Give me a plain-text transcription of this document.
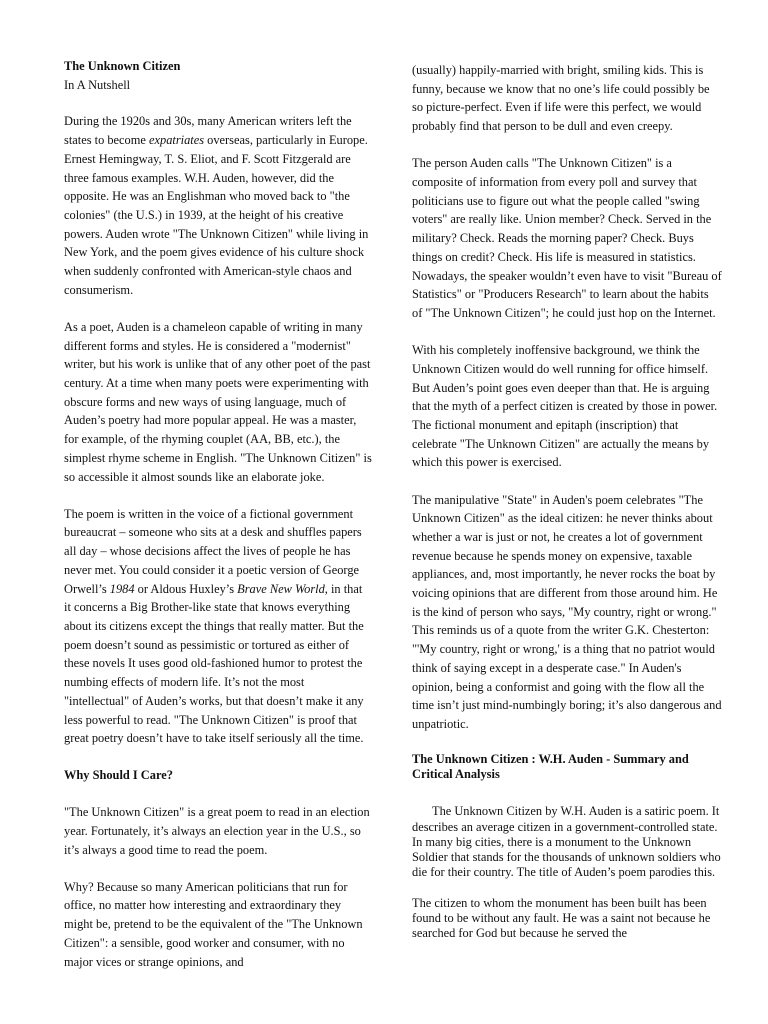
The Unknown Citizen
In A Nutshell

During the 1920s and 30s, many American writers left the states to become expatriates overseas, particularly in Europe. Ernest Hemingway, T. S. Eliot, and F. Scott Fitzgerald are three famous examples. W.H. Auden, however, did the opposite. He was an Englishman who moved back to "the colonies" (the U.S.) in 1939, at the height of his creative powers. Auden wrote "The Unknown Citizen" while living in New York, and the poem gives evidence of his culture shock when suddenly confronted with American-style chaos and consumerism.

As a poet, Auden is a chameleon capable of writing in many different forms and styles. He is considered a "modernist" writer, but his work is unlike that of any other poet of the past century. At a time when many poets were experimenting with obscure forms and new ways of using language, much of Auden’s poetry had more popular appeal. He was a master, for example, of the rhyming couplet (AA, BB, etc.), the simplest rhyme scheme in English. "The Unknown Citizen" is so accessible it almost sounds like an elaborate joke.

The poem is written in the voice of a fictional government bureaucrat – someone who sits at a desk and shuffles papers all day – whose decisions affect the lives of people he has never met. You could consider it a poetic version of George Orwell’s 1984 or Aldous Huxley’s Brave New World, in that it concerns a Big Brother-like state that knows everything about its citizens except the things that really matter. But the poem doesn’t sound as pessimistic or tortured as either of these novels It uses good old-fashioned humor to protest the numbing effects of modern life. It’s not the most "intellectual" of Auden’s works, but that doesn’t make it any less powerful to read. "The Unknown Citizen" is proof that great poetry doesn’t have to take itself seriously all the time.

Why Should I Care?

"The Unknown Citizen" is a great poem to read in an election year. Fortunately, it’s always an election year in the U.S., so it’s always a good time to read the poem.

Why? Because so many American politicians that run for office, no matter how interesting and extraordinary they might be, pretend to be the equivalent of the "The Unknown Citizen": a sensible, good worker and consumer, with no major vices or strange opinions, and

(usually) happily-married with bright, smiling kids. This is funny, because we know that no one’s life could possibly be so picture-perfect. Even if life were this perfect, we would probably find that person to be dull and even creepy.

The person Auden calls "The Unknown Citizen" is a composite of information from every poll and survey that politicians use to figure out what the people called "swing voters" are really like. Union member? Check. Served in the military? Check. Reads the morning paper? Check. Buys things on credit? Check. His life is measured in statistics. Nowadays, the speaker wouldn’t even have to visit "Bureau of Statistics" or "Producers Research" to learn about the habits of "The Unknown Citizen"; he could just hop on the Internet.

With his completely inoffensive background, we think the Unknown Citizen would do well running for office himself. But Auden’s point goes even deeper than that. He is arguing that the myth of a perfect citizen is created by those in power. The fictional monument and epitaph (inscription) that celebrate "The Unknown Citizen" are actually the means by which this power is exercised.

The manipulative "State" in Auden's poem celebrates "The Unknown Citizen" as the ideal citizen: he never thinks about whether a war is just or not, he creates a lot of government revenue because he spends money on expensive, taxable appliances, and, most importantly, he never rocks the boat by voicing opinions that are different from those around him. He is the kind of person who says, "My country, right or wrong." This reminds us of a quote from the writer G.K. Chesterton: "'My country, right or wrong,' is a thing that no patriot would think of saying except in a desperate case." In Auden's opinion, being a conformist and going with the flow all the time isn’t just mind-numbingly boring; it’s also dangerous and unpatriotic.

The Unknown Citizen : W.H. Auden - Summary and Critical Analysis

The Unknown Citizen by W.H. Auden is a satiric poem. It describes an average citizen in a government-controlled state. In many big cities, there is a monument to the Unknown Soldier that stands for the thousands of unknown soldiers who die for their country. The title of Auden’s poem parodies this.

The citizen to whom the monument has been built has been found to be without any fault. He was a saint not because he searched for God but because he served the
